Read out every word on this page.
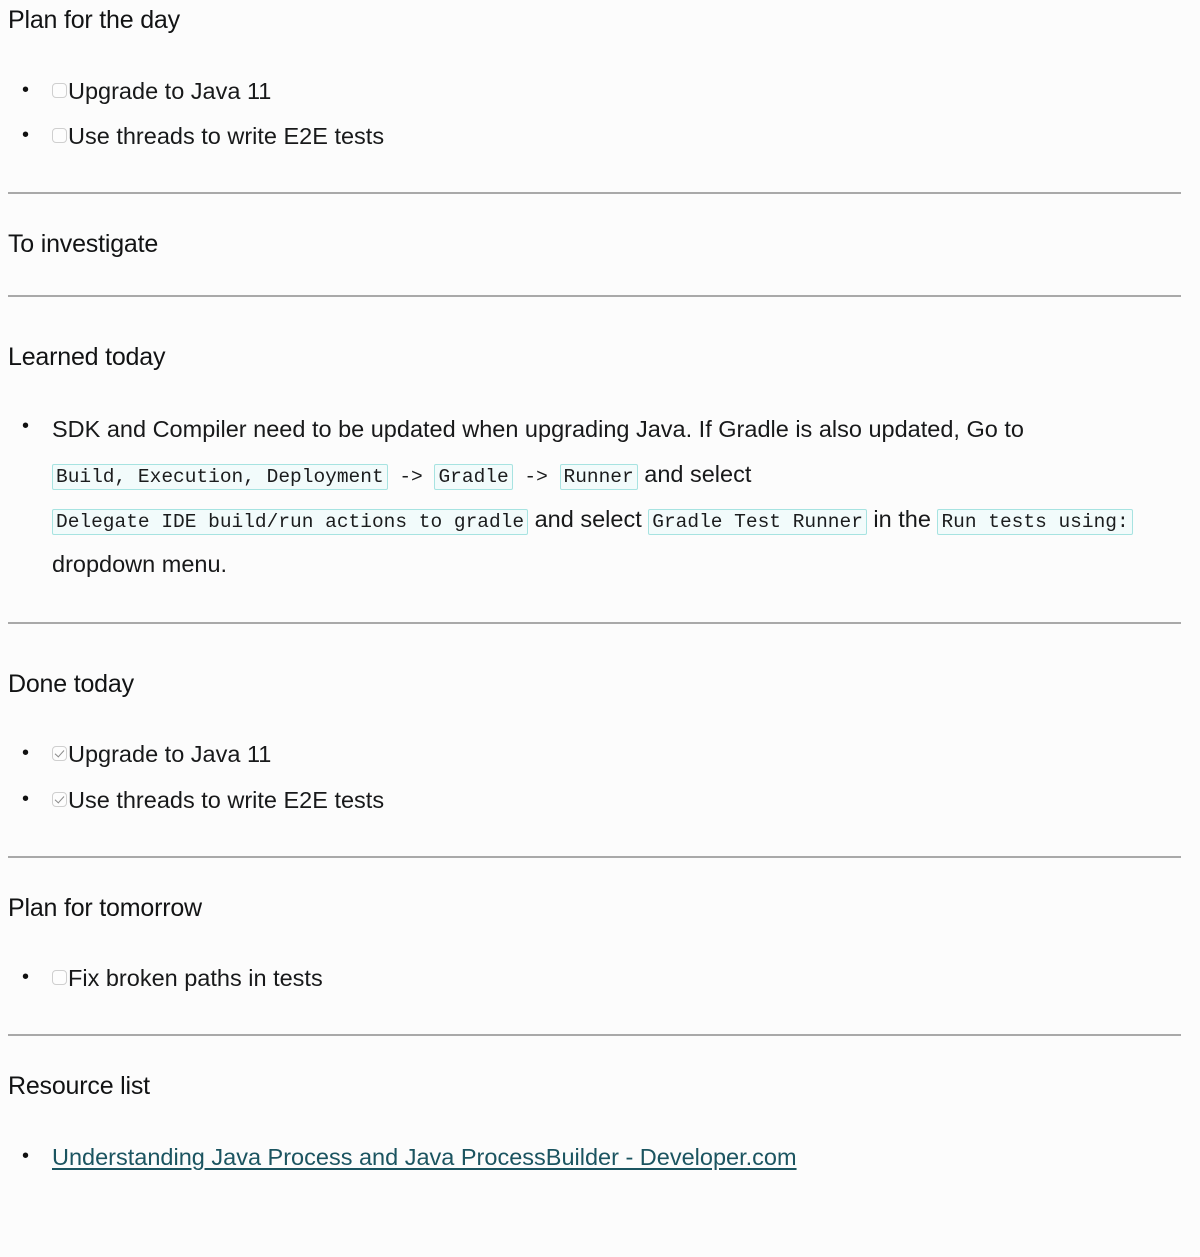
Plan for the day
• Upgrade to Java 11
• Use threads to write E2E tests
To investigate
Learned today
• SDK and Compiler need to be updated when upgrading Java. If Gradle is also updated, Go to Build, Execution, Deployment -> Gradle -> Runner and select Delegate IDE build/run actions to gradle and select Gradle Test Runner in the Run tests using: dropdown menu.
Done today
• Upgrade to Java 11
• Use threads to write E2E tests
Plan for tomorrow
• Fix broken paths in tests
Resource list
• Understanding Java Process and Java ProcessBuilder - Developer.com
